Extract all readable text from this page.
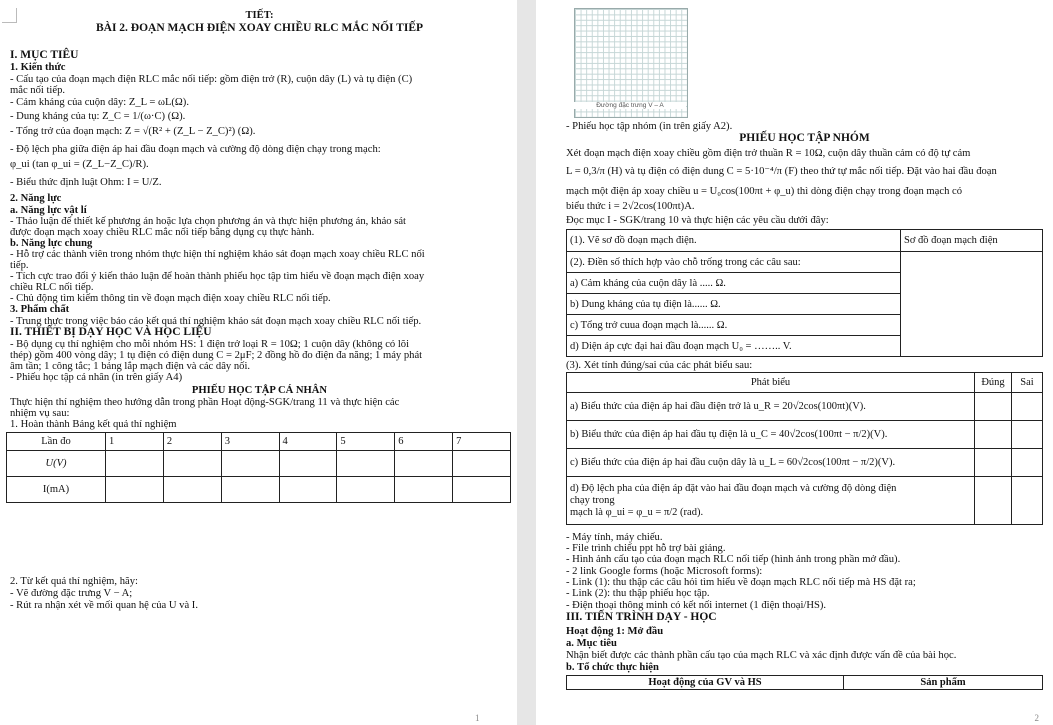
TIẾT:
BÀI 2. ĐOẠN MẠCH ĐIỆN XOAY CHIỀU RLC MẮC NỐI TIẾP
I. MỤC TIÊU
1. Kiến thức
- Cấu tạo của đoạn mạch điện RLC mắc nối tiếp: gồm điện trở (R), cuộn dây (L) và tụ điện (C)
mắc nối tiếp.
- Cảm kháng của cuộn dây: Z_L = ωL(Ω).
- Dung kháng của tụ: Z_C = 1/(ω·C) (Ω).
- Tổng trở của đoạn mạch: Z = √(R² + (Z_L − Z_C)²) (Ω).
- Độ lệch pha giữa điện áp hai đầu đoạn mạch và cường độ dòng điện chạy trong mạch:
φ_ui (tan φ_ui = (Z_L−Z_C)/R).
- Biểu thức định luật Ohm: I = U/Z.
2. Năng lực
a. Năng lực vật lí
- Thảo luận để thiết kế phương án hoặc lựa chọn phương án và thực hiện phương án, khảo sát
được đoạn mạch xoay chiều RLC mắc nối tiếp bằng dụng cụ thực hành.
b. Năng lực chung
- Hỗ trợ các thành viên trong nhóm thực hiện thí nghiệm khảo sát đoạn mạch xoay chiều RLC nối
tiếp.
- Tích cực trao đổi ý kiến thảo luận để hoàn thành phiếu học tập tìm hiểu về đoạn mạch điện xoay
chiều RLC nối tiếp.
- Chủ động tìm kiếm thông tin về đoạn mạch điện xoay chiều RLC nối tiếp.
3. Phẩm chất
- Trung thực trong việc báo cáo kết quả thí nghiệm khảo sát đoạn mạch xoay chiều RLC nối tiếp.
II. THIẾT BỊ DẠY HỌC VÀ HỌC LIỆU
- Bộ dụng cụ thí nghiệm cho mỗi nhóm HS: 1 điện trở loại R = 10Ω; 1 cuộn dây (không có lõi
thép) gồm 400 vòng dây; 1 tụ điện có điện dung C = 2μF; 2 đồng hồ đo điện đa năng; 1 máy phát
âm tần; 1 công tắc; 1 bảng lắp mạch điện và các dây nối.
- Phiếu học tập cá nhân (in trên giấy A4)
PHIẾU HỌC TẬP CÁ NHÂN
Thực hiện thí nghiệm theo hướng dẫn trong phần Hoạt động-SGK/trang 11 và thực hiện các
nhiệm vụ sau:
1. Hoàn thành Bảng kết quả thí nghiệm
Lần đo	1	2	3	4	5	6	7
U(V)							
I(mA)							
2. Từ kết quả thí nghiệm, hãy:
- Vẽ đường đặc trưng V − A;
- Rút ra nhận xét về mối quan hệ của U và I.
1
Đường đặc trưng V – A
- Phiếu học tập nhóm (in trên giấy A2).
PHIẾU HỌC TẬP NHÓM
Xét đoạn mạch điện xoay chiều gồm điện trở thuần R = 10Ω, cuộn dây thuần cảm có độ tự cảm
L = 0,3/π (H) và tụ điện có điện dung C = 5·10⁻⁴/π (F) theo thứ tự mắc nối tiếp. Đặt vào hai đầu đoạn
mạch một điện áp xoay chiều u = U₀cos(100πt + φ_u) thì dòng điện chạy trong đoạn mạch có
biểu thức i = 2√2cos(100πt)A.
Đọc mục I - SGK/trang 10 và thực hiện các yêu cầu dưới đây:
(1). Vẽ sơ đồ đoạn mạch điện.	Sơ đồ đoạn mạch điện
(2). Điền số thích hợp vào chỗ trống trong các câu sau:	
a) Cảm kháng của cuộn dây là ..... Ω.	
b) Dung kháng của tụ điện là...... Ω.	
c) Tổng trở cuua đoạn mạch là...... Ω.	
d) Diện áp cực đại hai đầu đoạn mạch U₀ = …….. V.	
(3). Xét tính đúng/sai của các phát biểu sau:
Phát biểu	Đúng	Sai
a) Biểu thức của điện áp hai đầu điện trở là u_R = 20√2cos(100πt)(V).		
b) Biểu thức của điện áp hai đầu tụ điện là u_C = 40√2cos(100πt − π/2)(V).		
c) Biểu thức của điện áp hai đầu cuộn dây là u_L = 60√2cos(100πt − π/2)(V).		

d) Độ lệch pha của điện áp đặt vào hai đầu đoạn mạch và cường độ dòng điện
chạy trong
mạch là φ_ui = φ_u = π/2 (rad).		

- Máy tính, máy chiếu.
- File trình chiếu ppt hỗ trợ bài giảng.
- Hình ảnh cấu tạo của đoạn mạch RLC nối tiếp (hình ảnh trong phần mở đầu).
- 2 link Google forms (hoặc Microsoft forms):
- Link (1): thu thập các câu hỏi tìm hiểu về đoạn mạch RLC nối tiếp mà HS đặt ra;
- Link (2): thu thập phiếu học tập.
- Điện thoại thông minh có kết nối internet (1 điện thoại/HS).
III. TIẾN TRÌNH DẠY - HỌC
Hoạt động 1: Mở đầu
a. Mục tiêu
Nhận biết được các thành phần cấu tạo của mạch RLC và xác định được vấn đề của bài học.
b. Tổ chức thực hiện
Hoạt động của GV và HS	Sản phẩm
2
